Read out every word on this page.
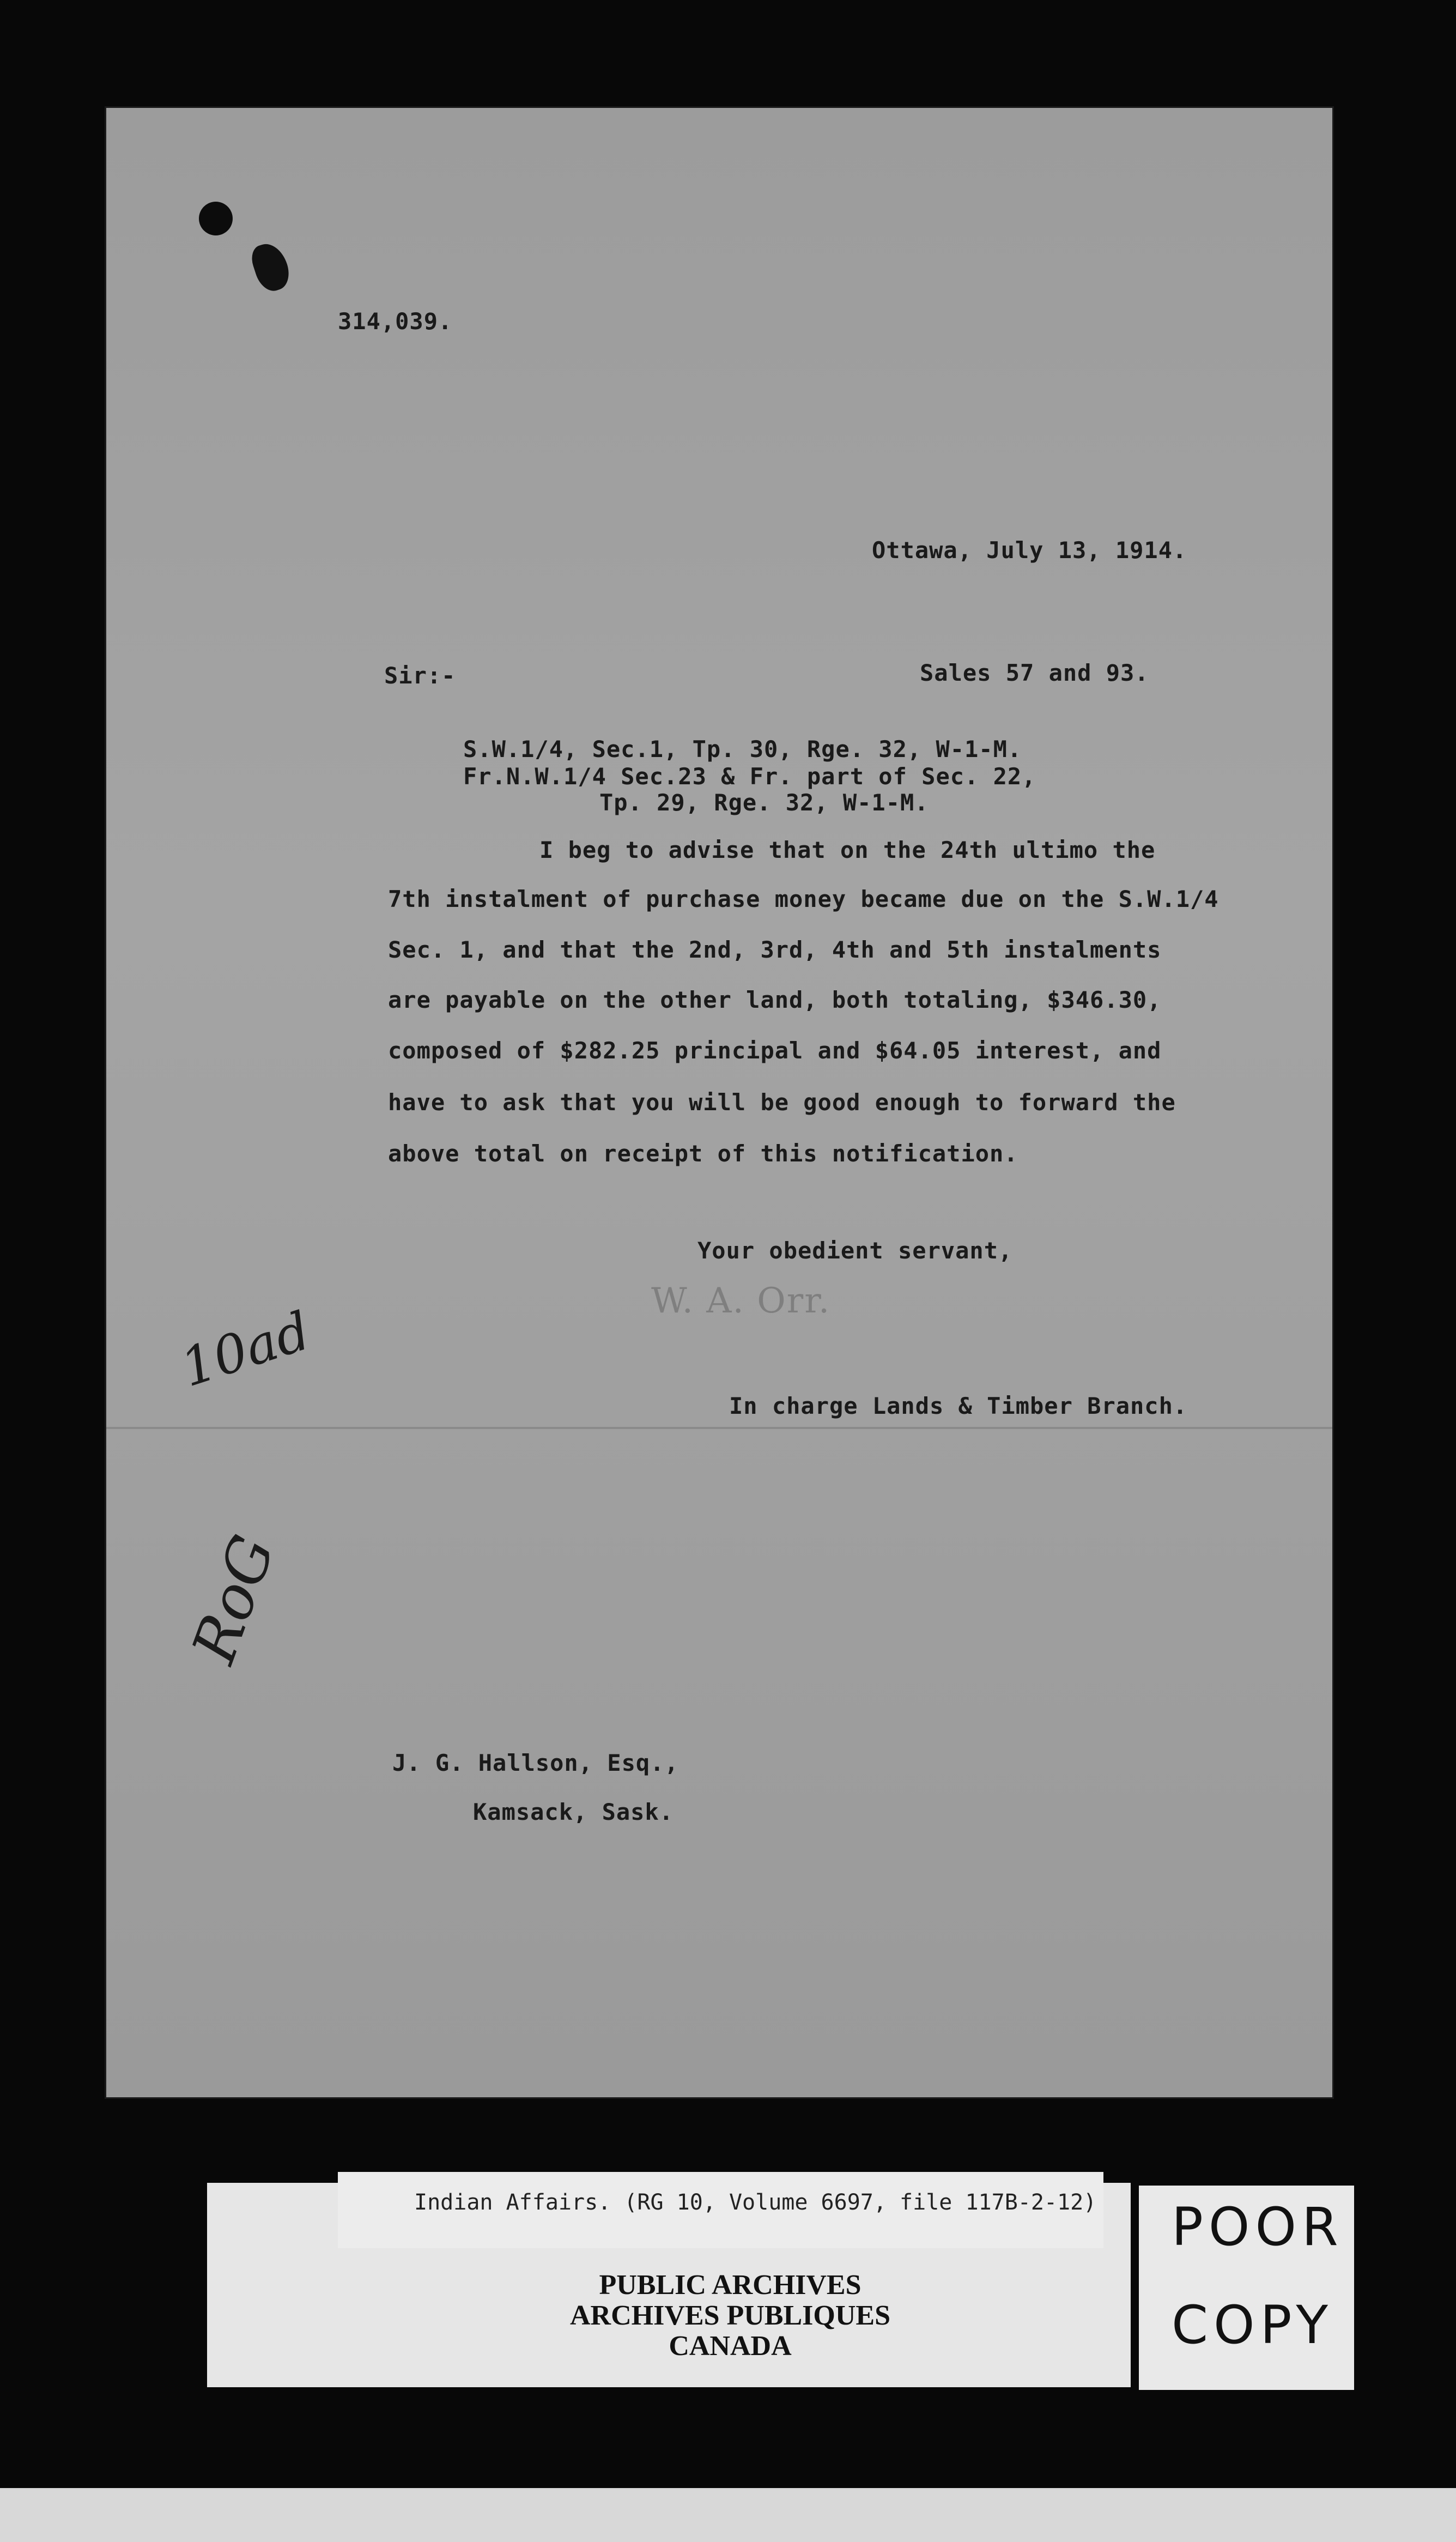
314,039.
Ottawa, July 13, 1914.
Sir:-	Sales 57 and 93.
S.W.1/4, Sec.1, Tp. 30, Rge. 32, W-1-M.
Fr.N.W.1/4 Sec.23 & Fr. part of Sec. 22,
Tp. 29, Rge. 32, W-1-M.
I beg to advise that on the 24th ultimo the
7th instalment of purchase money became due on the S.W.1/4
Sec. 1, and that the 2nd, 3rd, 4th and 5th instalments
are payable on the other land, both totaling, $346.30,
composed of $282.25 principal and $64.05 interest, and
have to ask that you will be good enough to forward the
above total on receipt of this notification.
Your obedient servant,
W. A. Orr.
In charge Lands & Timber Branch.
10ad
RoG
J. G. Hallson, Esq.,
Kamsack, Sask.
Indian Affairs. (RG 10, Volume 6697, file 117B-2-12)
PUBLIC ARCHIVES
ARCHIVES PUBLIQUES
CANADA
POOR
COPY
